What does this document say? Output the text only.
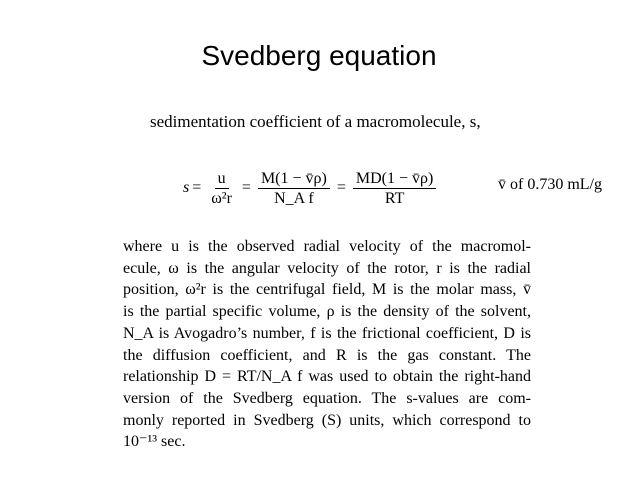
Svedberg equation
sedimentation coefficient of a macromolecule, s,
$s = \frac{u}{\text{ω²r}} = \frac{M(1 - v̄\rho)}{\text{N\_A f}} = \frac{MD(1 - v̄\rho)}{RT}$	v̄ of 0.730 mL/g
where u is the observed radial velocity of the macromol-
ecule, ω is the angular velocity of the rotor, r is the radial
position, ω²r is the centrifugal field, M is the molar mass, v̄
is the partial specific volume, ρ is the density of the solvent,
N_A is Avogadro’s number, f is the frictional coefficient, D is
the diffusion coefficient, and R is the gas constant. The
relationship D = RT/N_A f was used to obtain the right-hand
version of the Svedberg equation. The s-values are com-
monly reported in Svedberg (S) units, which correspond to
10⁻¹³ sec.
